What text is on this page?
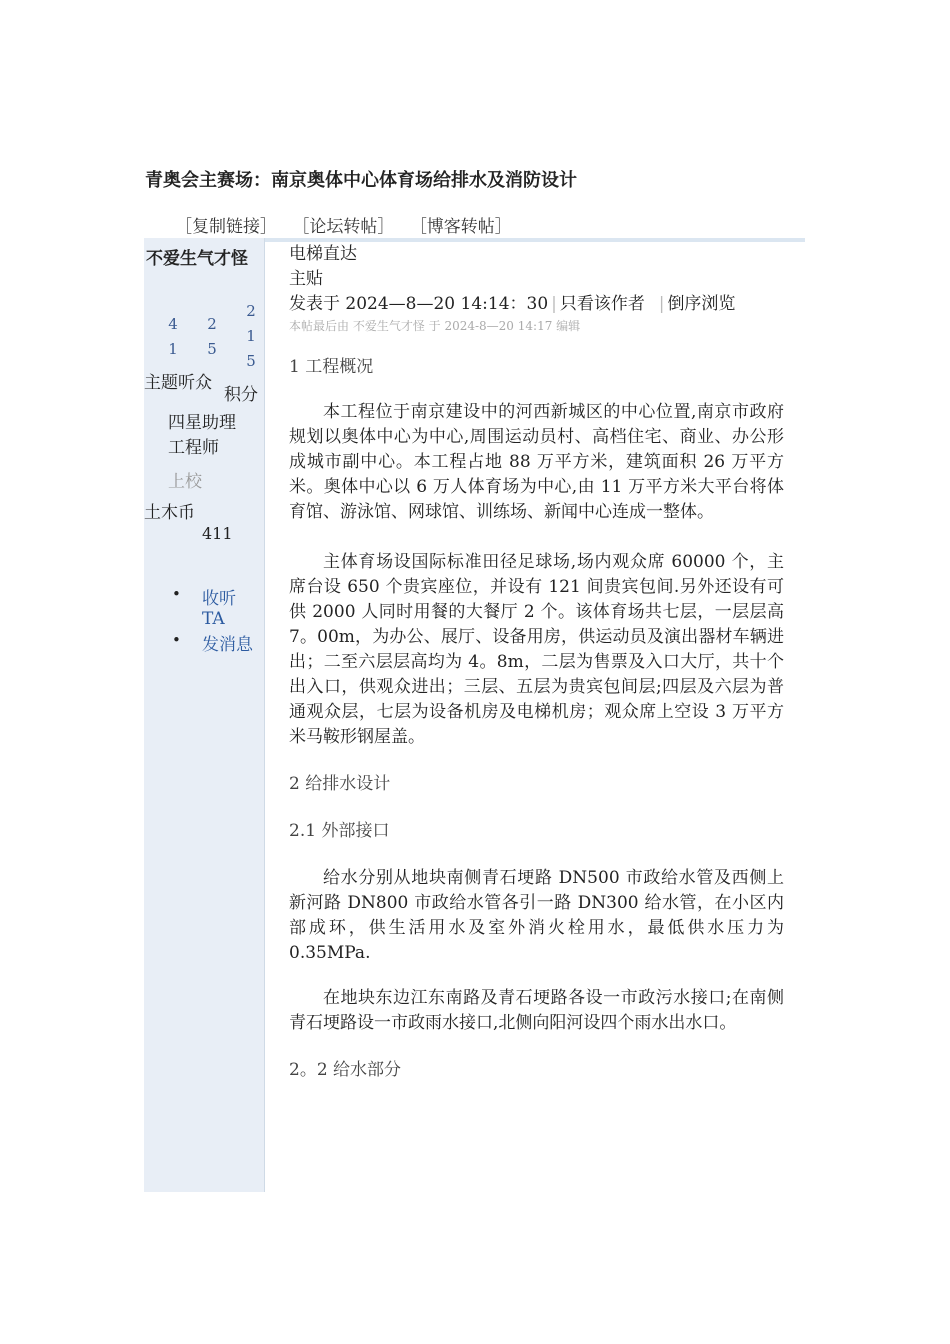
青奥会主赛场：南京奥体中心体育场给排水及消防设计
［复制链接］ ［论坛转帖］ ［博客转帖］
不爱生气才怪
4
1
2
5
2
1
5
主题听众
积分
四星助理
工程师
上校
土木币
411
• 收听 TA
• 发消息
电梯直达
主贴
发表于 2024—8—20 14:14：30 | 只看该作者  | 倒序浏览
本帖最后由 不爱生气才怪 于 2024-8—20 14:17 编辑
1 工程概况

本工程位于南京建设中的河西新城区的中心位置,南京市政府规划以奥体中心为中心,周围运动员村、高档住宅、商业、办公形成城市副中心。本工程占地 88 万平方米，建筑面积 26 万平方米。奥体中心以 6 万人体育场为中心,由 11 万平方米大平台将体育馆、游泳馆、网球馆、训练场、新闻中心连成一整体。

主体育场设国际标准田径足球场,场内观众席 60000 个，主席台设 650 个贵宾座位，并设有 121 间贵宾包间.另外还设有可供 2000 人同时用餐的大餐厅 2 个。该体育场共七层，一层层高 7。00m，为办公、展厅、设备用房，供运动员及演出器材车辆进出；二至六层层高均为 4。8m，二层为售票及入口大厅，共十个出入口，供观众进出；三层、五层为贵宾包间层;四层及六层为普通观众层，七层为设备机房及电梯机房；观众席上空设 3 万平方米马鞍形钢屋盖。

2 给排水设计
2.1 外部接口

给水分别从地块南侧青石埂路 DN500 市政给水管及西侧上新河路 DN800 市政给水管各引一路 DN300 给水管，在小区内部成环，供生活用水及室外消火栓用水，最低供水压力为 0.35MPa.

在地块东边江东南路及青石埂路各设一市政污水接口;在南侧青石埂路设一市政雨水接口,北侧向阳河设四个雨水出水口。

2。2 给水部分
